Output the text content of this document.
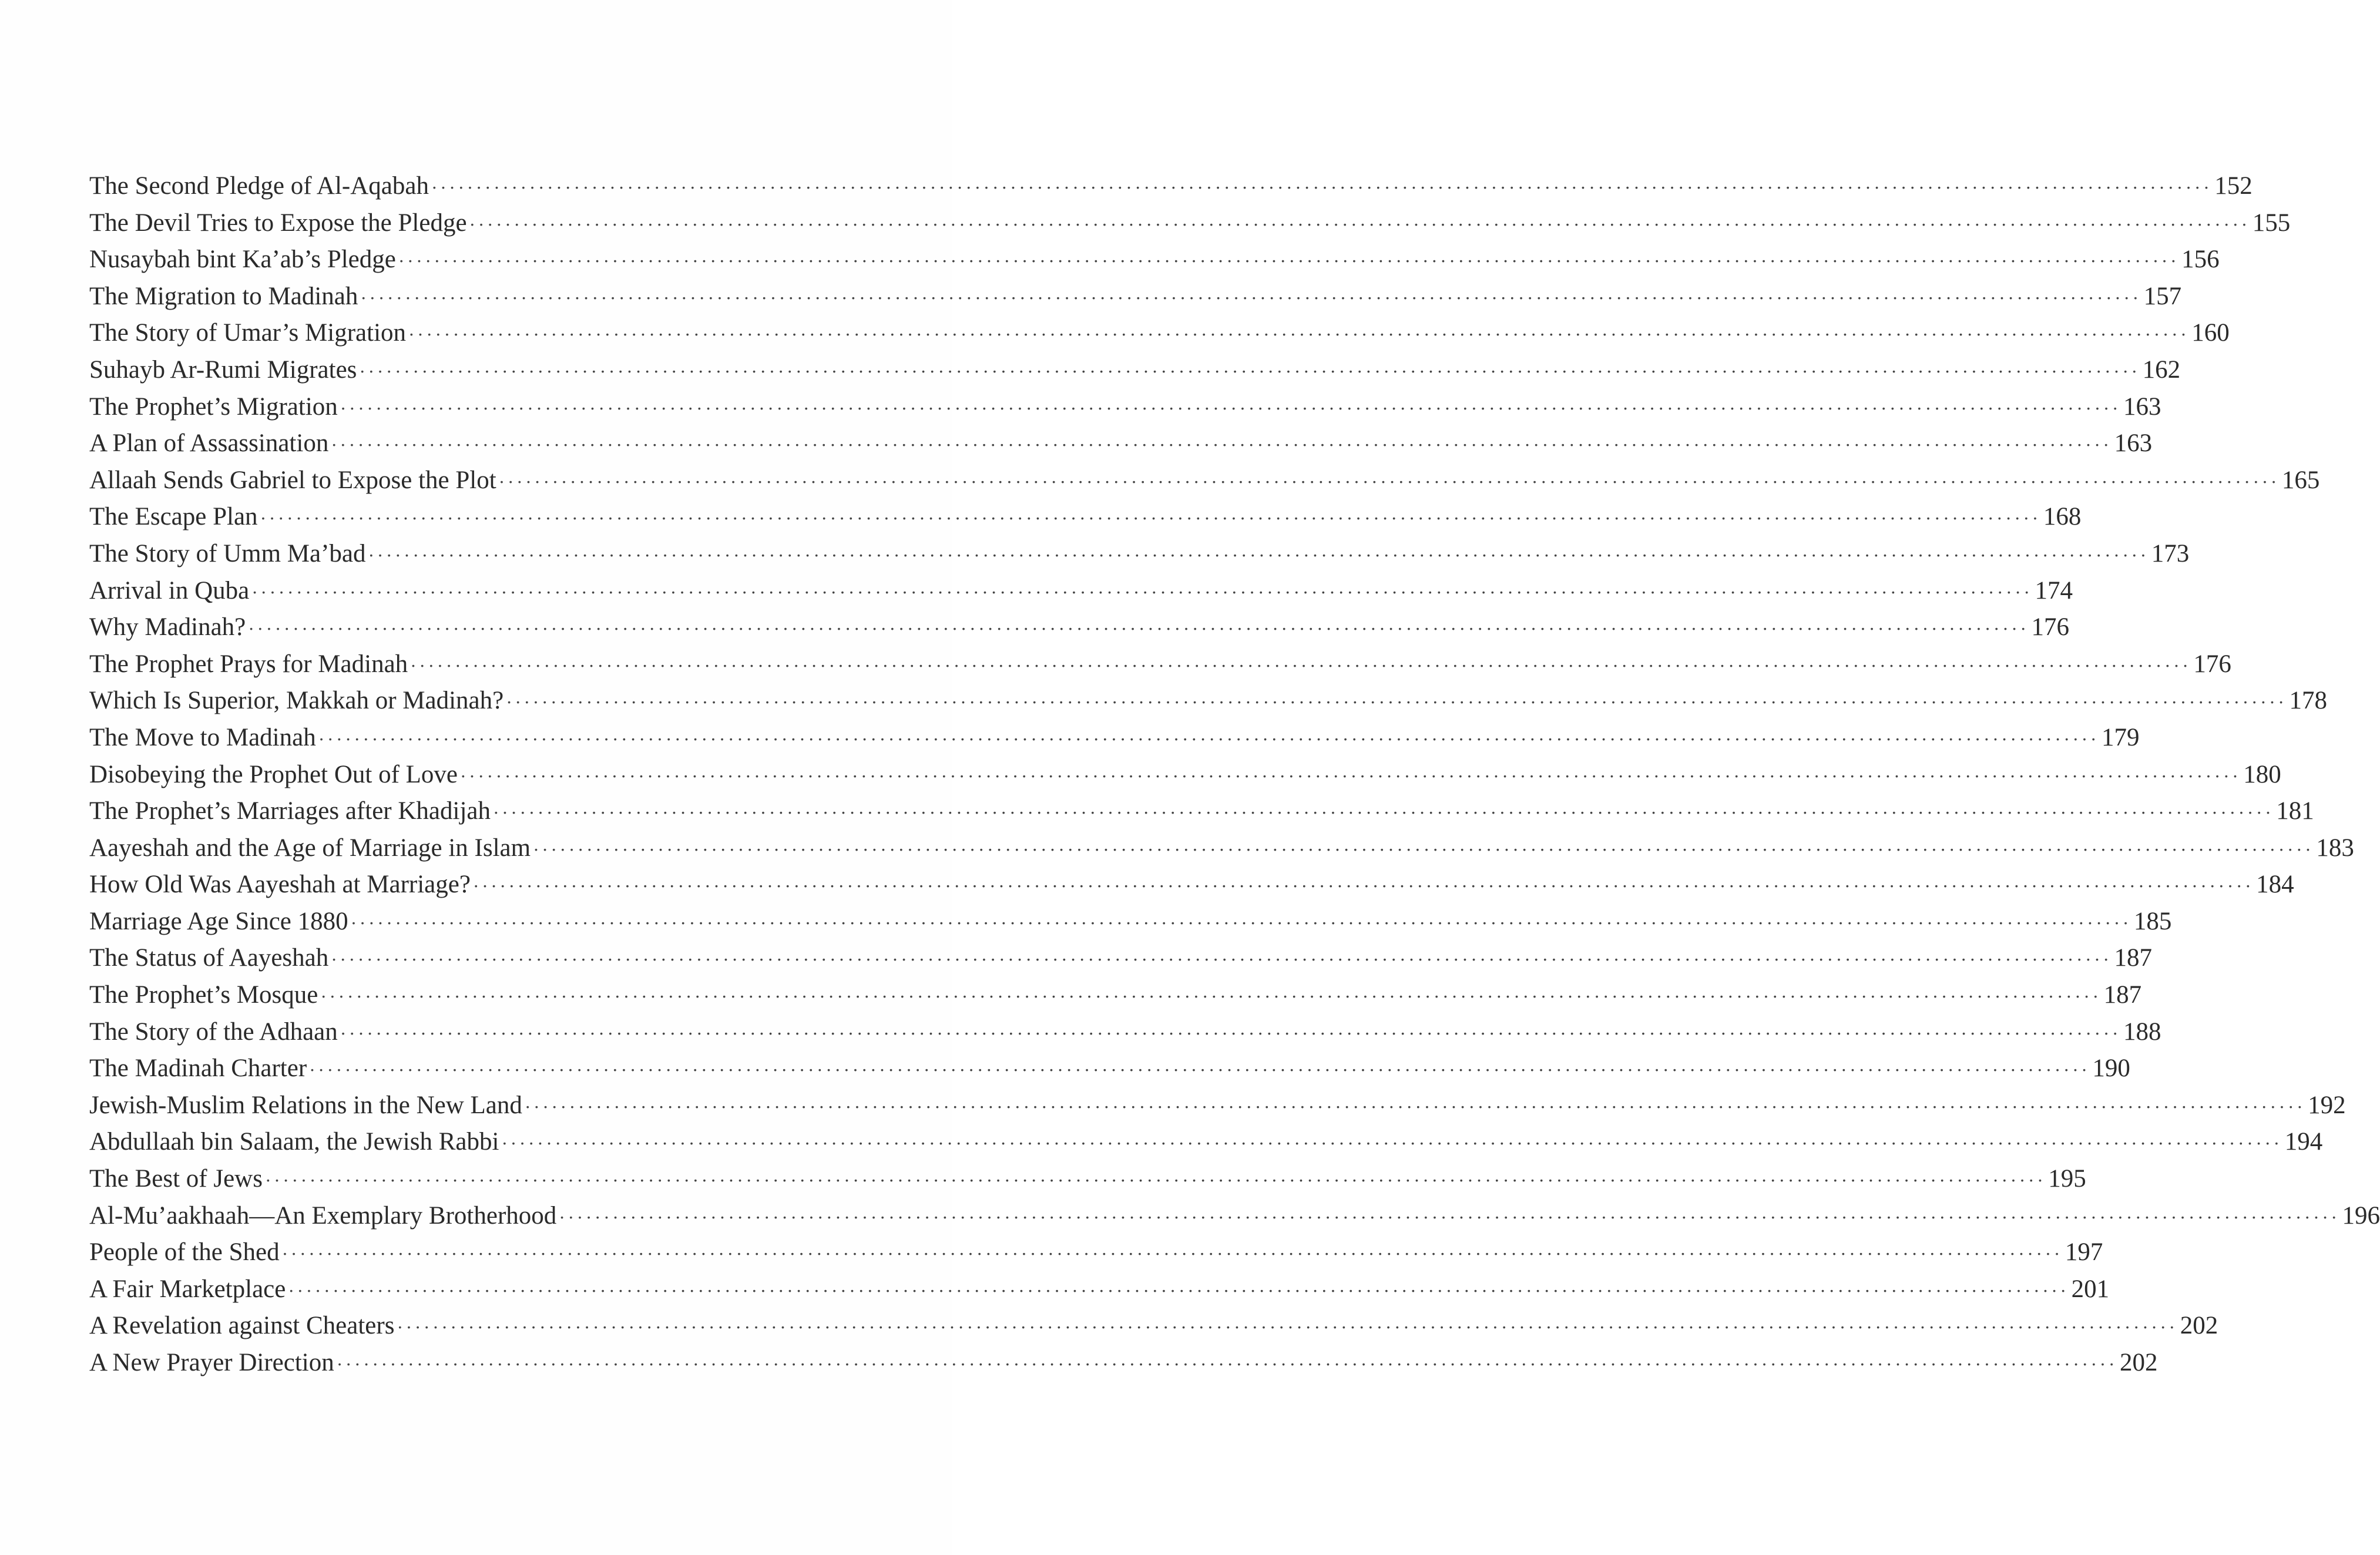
The Second Pledge of Al-Aqabah ········································································································································································································ 152
The Devil Tries to Expose the Pledge ········································································································································································································ 155
Nusaybah bint Ka’ab’s Pledge ········································································································································································································ 156
The Migration to Madinah ········································································································································································································ 157
The Story of Umar’s Migration ········································································································································································································ 160
Suhayb Ar-Rumi Migrates ········································································································································································································ 162
The Prophet’s Migration ········································································································································································································ 163
A Plan of Assassination ········································································································································································································ 163
Allaah Sends Gabriel to Expose the Plot ········································································································································································································ 165
The Escape Plan ········································································································································································································ 168
The Story of Umm Ma’bad ········································································································································································································ 173
Arrival in Quba ········································································································································································································ 174
Why Madinah? ········································································································································································································ 176
The Prophet Prays for Madinah ········································································································································································································ 176
Which Is Superior, Makkah or Madinah? ········································································································································································································ 178
The Move to Madinah ········································································································································································································ 179
Disobeying the Prophet Out of Love ········································································································································································································ 180
The Prophet’s Marriages after Khadijah ········································································································································································································ 181
Aayeshah and the Age of Marriage in Islam ········································································································································································································ 183
How Old Was Aayeshah at Marriage? ········································································································································································································ 184
Marriage Age Since 1880 ········································································································································································································ 185
The Status of Aayeshah ········································································································································································································ 187
The Prophet’s Mosque ········································································································································································································ 187
The Story of the Adhaan ········································································································································································································ 188
The Madinah Charter ········································································································································································································ 190
Jewish-Muslim Relations in the New Land ········································································································································································································ 192
Abdullaah bin Salaam, the Jewish Rabbi ········································································································································································································ 194
The Best of Jews ········································································································································································································ 195
Al-Mu’aakhaah—An Exemplary Brotherhood ········································································································································································································ 196
People of the Shed ········································································································································································································ 197
A Fair Marketplace ········································································································································································································ 201
A Revelation against Cheaters ········································································································································································································ 202
A New Prayer Direction ········································································································································································································ 202
